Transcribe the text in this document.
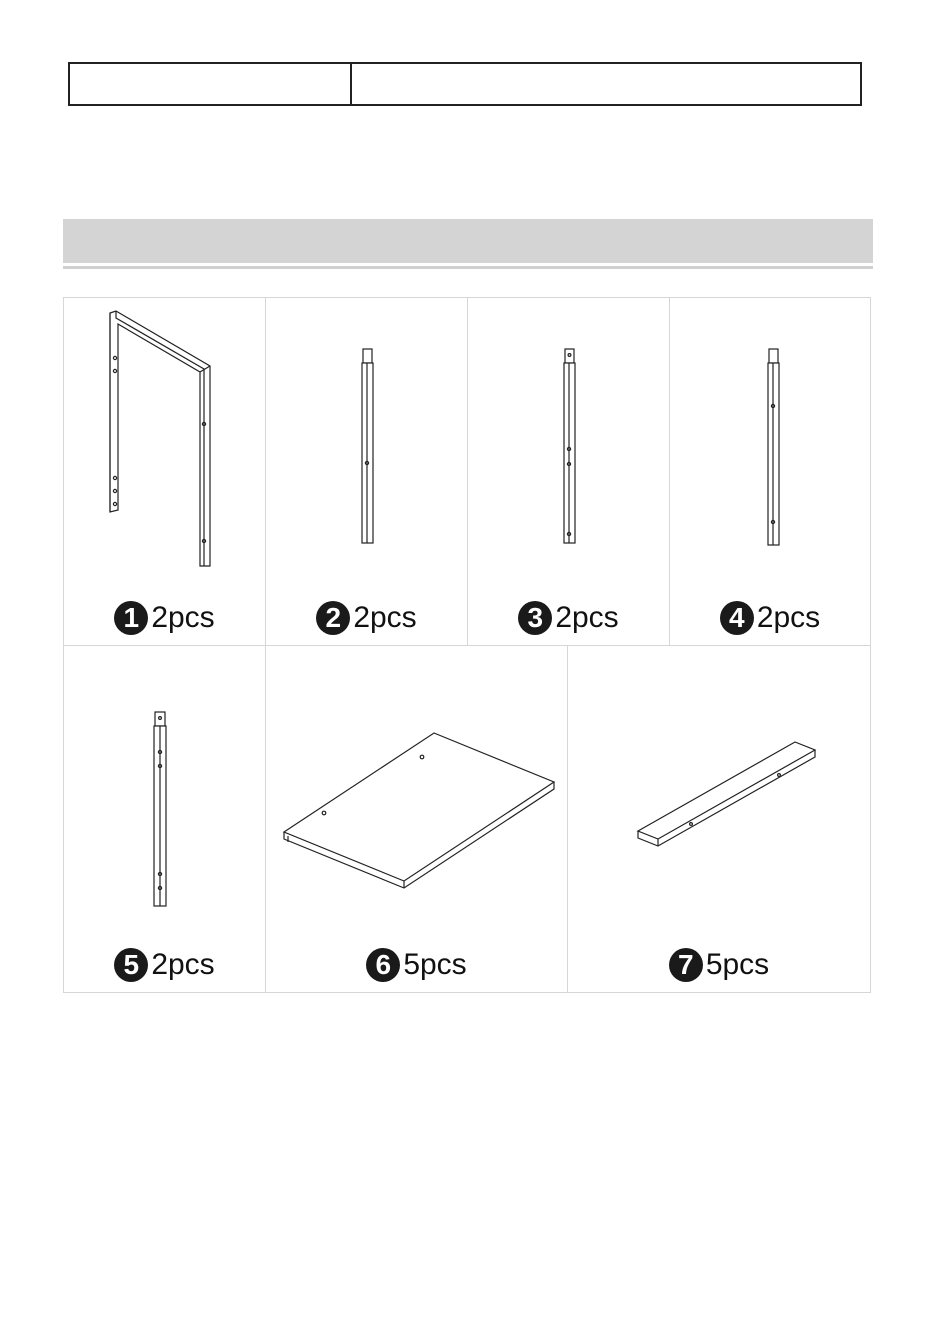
1 2pcs	2 2pcs	3 2pcs	4 2pcs
5 2pcs	6 5pcs	7 5pcs
